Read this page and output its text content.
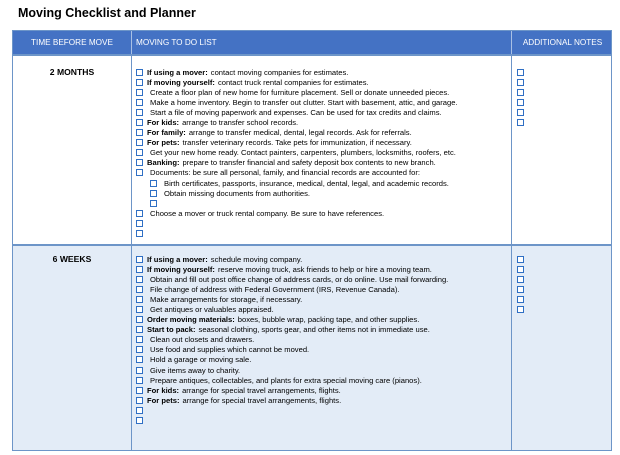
Moving Checklist and Planner
TIME BEFORE MOVE	MOVING TO DO LIST	ADDITIONAL NOTES
2 MONTHS	If using a mover: contact moving companies for estimates.
If moving yourself: contact truck rental companies for estimates.
Create a floor plan of new home for furniture placement. Sell or donate unneeded pieces.
Make a home inventory. Begin to transfer out clutter. Start with basement, attic, and garage.
Start a file of moving paperwork and expenses. Can be used for tax credits and claims.
For kids: arrange to transfer school records.
For family: arrange to transfer medical, dental, legal records. Ask for referrals.
For pets: transfer veterinary records. Take pets for immunization, if necessary.
Get your new home ready. Contact painters, carpenters, plumbers, locksmiths, roofers, etc.
Banking: prepare to transfer financial and safety deposit box contents to new branch.
Documents: be sure all personal, family, and financial records are accounted for:
Birth certificates, passports, insurance, medical, dental, legal, and academic records.
Obtain missing documents from authorities.
Choose a mover or truck rental company. Be sure to have references.
6 WEEKS	If using a mover: schedule moving company.
If moving yourself: reserve moving truck, ask friends to help or hire a moving team.
Obtain and fill out post office change of address cards, or do online. Use mail forwarding.
File change of address with Federal Government (IRS, Revenue Canada).
Make arrangements for storage, if necessary.
Get antiques or valuables appraised.
Order moving materials: boxes, bubble wrap, packing tape, and other supplies.
Start to pack: seasonal clothing, sports gear, and other items not in immediate use.
Clean out closets and drawers.
Use food and supplies which cannot be moved.
Hold a garage or moving sale.
Give items away to charity.
Prepare antiques, collectables, and plants for extra special moving care (pianos).
For kids: arrange for special travel arrangements, flights.
For pets: arrange for special travel arrangements, flights.
